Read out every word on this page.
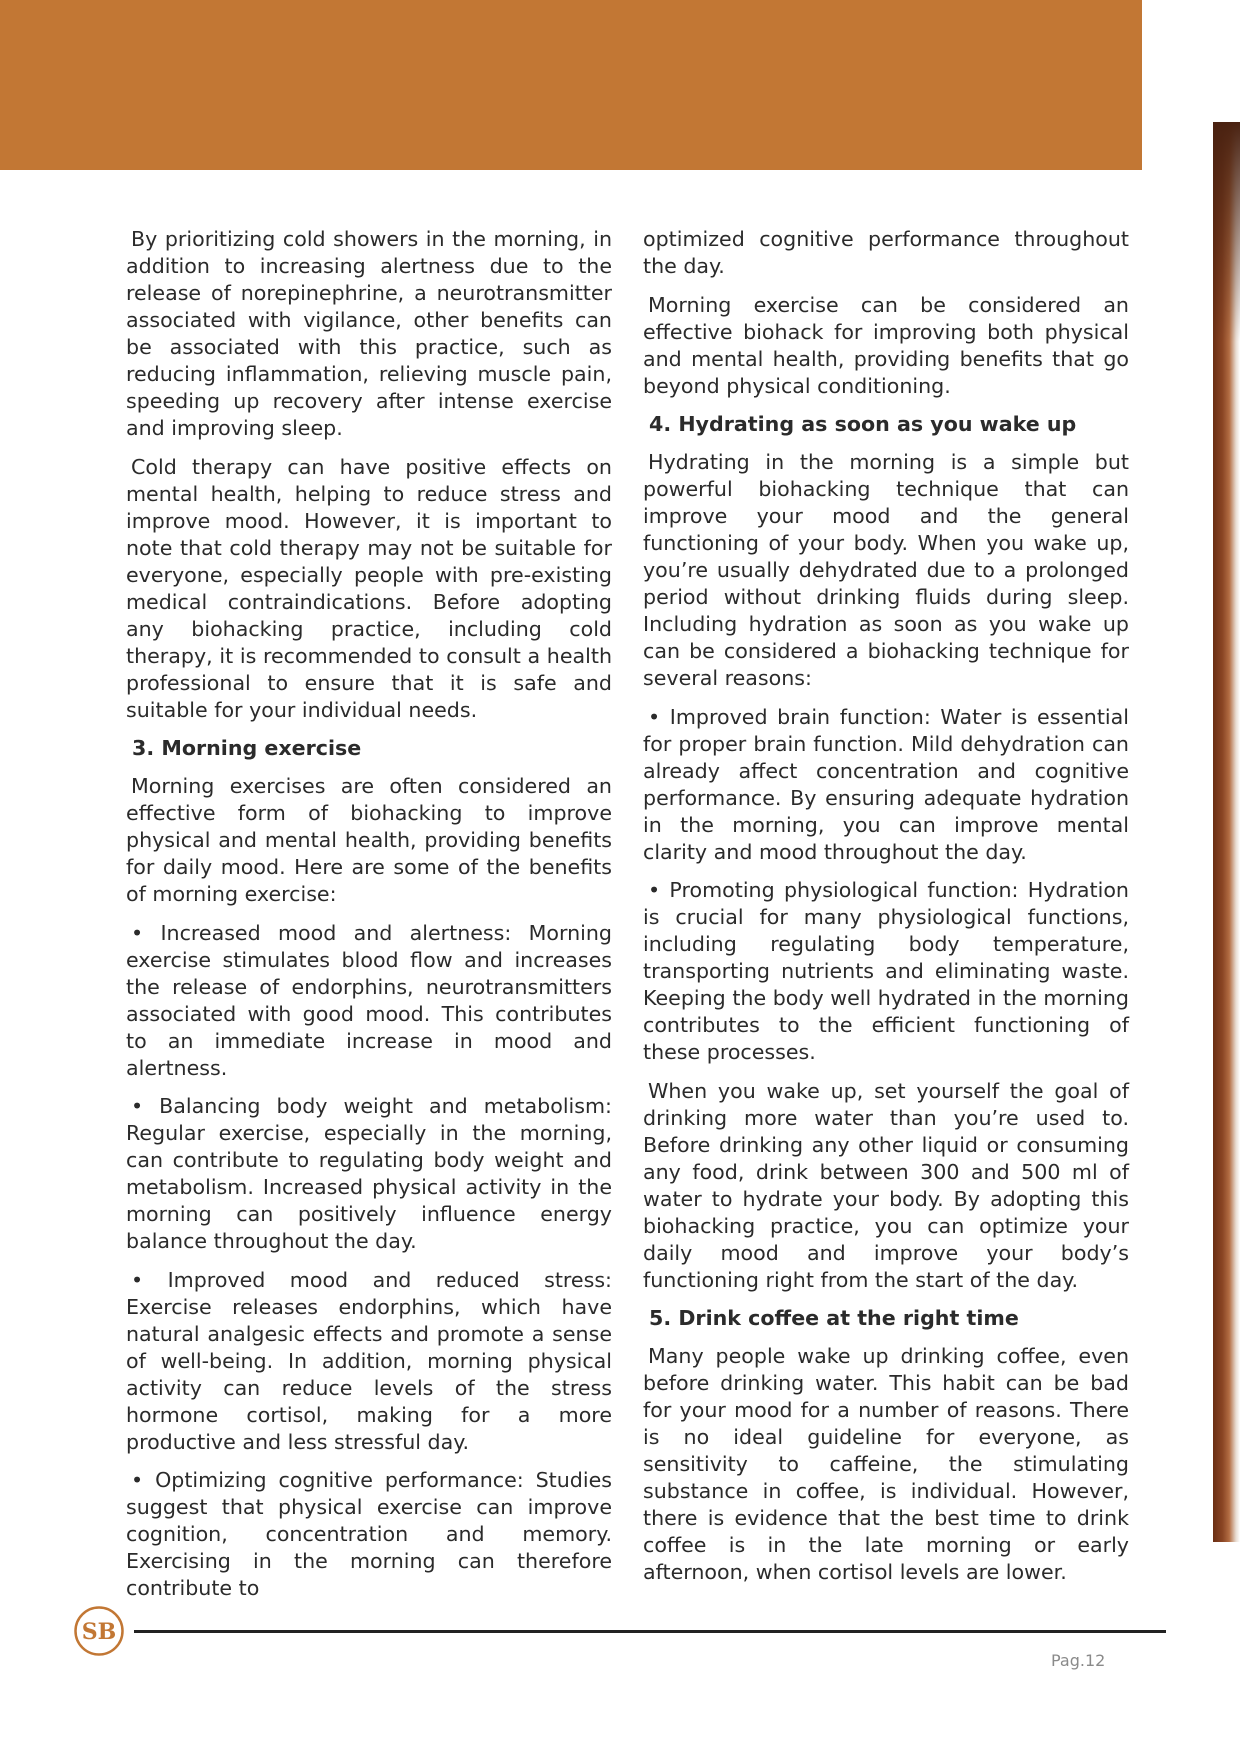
By prioritizing cold showers in the morning, in addition to increasing alertness due to the release of norepinephrine, a neurotransmitter associated with vigilance, other benefits can be associated with this practice, such as reducing inflammation, relieving muscle pain, speeding up recovery after intense exercise and improving sleep.

Cold therapy can have positive effects on mental health, helping to reduce stress and improve mood. However, it is important to note that cold therapy may not be suitable for everyone, especially people with pre-existing medical contraindications. Before adopting any biohacking practice, including cold therapy, it is recommended to consult a health professional to ensure that it is safe and suitable for your individual needs.

3. Morning exercise

Morning exercises are often considered an effective form of biohacking to improve physical and mental health, providing benefits for daily mood. Here are some of the benefits of morning exercise:

• Increased mood and alertness: Morning exercise stimulates blood flow and increases the release of endorphins, neurotransmitters associated with good mood. This contributes to an immediate increase in mood and alertness.

• Balancing body weight and metabolism: Regular exercise, especially in the morning, can contribute to regulating body weight and metabolism. Increased physical activity in the morning can positively influence energy balance throughout the day.

• Improved mood and reduced stress: Exercise releases endorphins, which have natural analgesic effects and promote a sense of well-being. In addition, morning physical activity can reduce levels of the stress hormone cortisol, making for a more productive and less stressful day.

• Optimizing cognitive performance: Studies suggest that physical exercise can improve cognition, concentration and memory. Exercising in the morning can therefore contribute to

optimized cognitive performance throughout the day.

Morning exercise can be considered an effective biohack for improving both physical and mental health, providing benefits that go beyond physical conditioning.

4. Hydrating as soon as you wake up

Hydrating in the morning is a simple but powerful biohacking technique that can improve your mood and the general functioning of your body. When you wake up, you’re usually dehydrated due to a prolonged period without drinking fluids during sleep. Including hydration as soon as you wake up can be considered a biohacking technique for several reasons:

• Improved brain function: Water is essential for proper brain function. Mild dehydration can already affect concentration and cognitive performance. By ensuring adequate hydration in the morning, you can improve mental clarity and mood throughout the day.

• Promoting physiological function: Hydration is crucial for many physiological functions, including regulating body temperature, transporting nutrients and eliminating waste. Keeping the body well hydrated in the morning contributes to the efficient functioning of these processes.

When you wake up, set yourself the goal of drinking more water than you’re used to. Before drinking any other liquid or consuming any food, drink between 300 and 500 ml of water to hydrate your body. By adopting this biohacking practice, you can optimize your daily mood and improve your body’s functioning right from the start of the day.

5. Drink coffee at the right time

Many people wake up drinking coffee, even before drinking water. This habit can be bad for your mood for a number of reasons. There is no ideal guideline for everyone, as sensitivity to caffeine, the stimulating substance in coffee, is individual. However, there is evidence that the best time to drink coffee is in the late morning or early afternoon, when cortisol levels are lower.

SB
Pag.12
